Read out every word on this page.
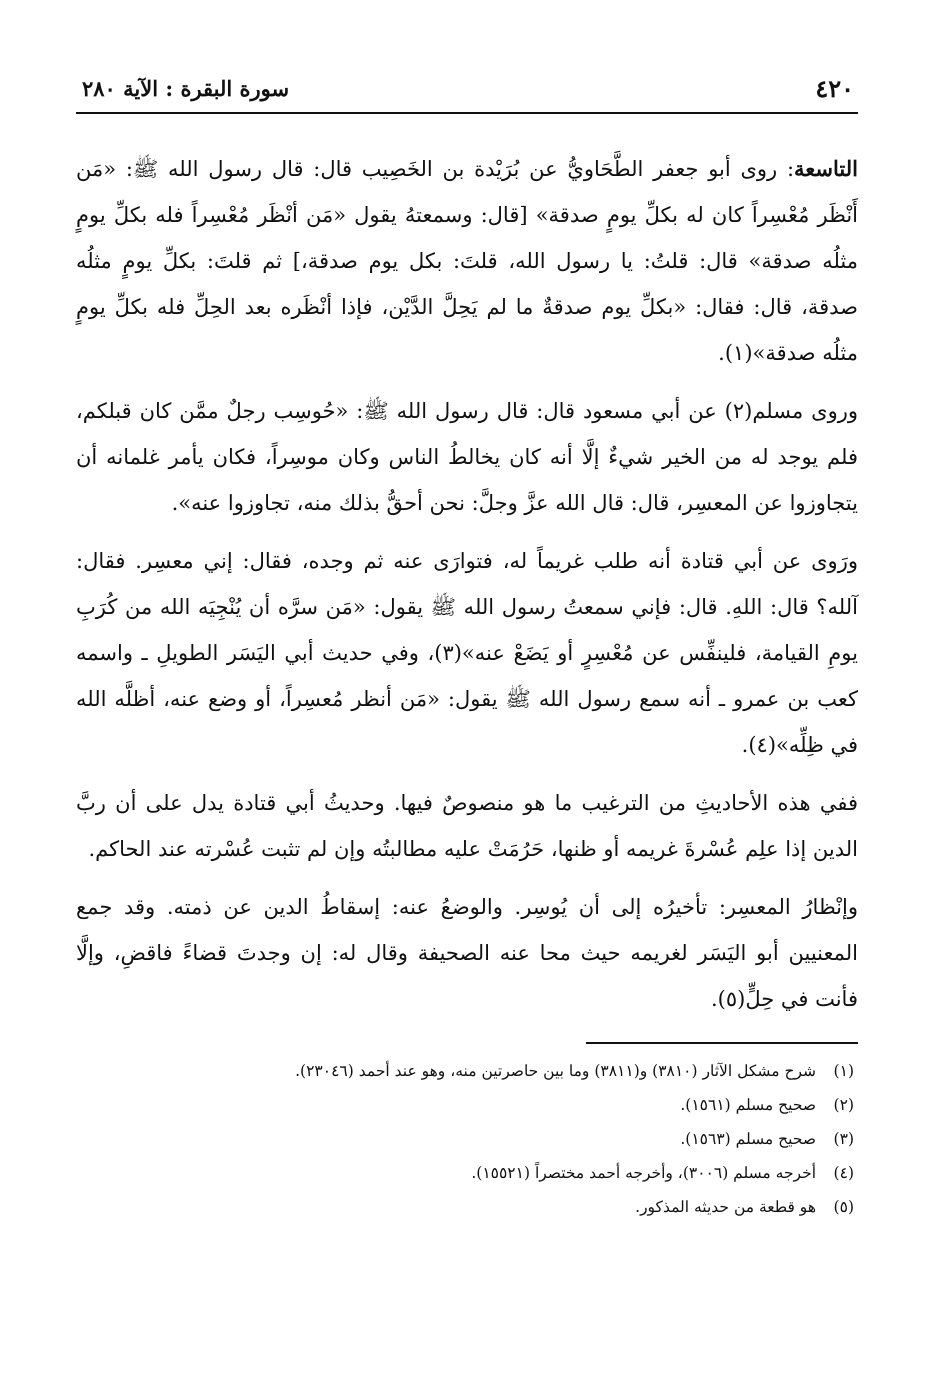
٤٢٠
سورة البقرة : الآية ٢٨٠

التاسعة: روى أبو جعفر الطَّحَاويُّ عن بُرَيْدة بن الخَصِيب قال: قال رسول الله ﷺ: «مَن أَنْظَر مُعْسِراً كان له بكلِّ يومٍ صدقة» [قال: وسمعتهُ يقول «مَن أنْظَر مُعْسِراً فله بكلِّ يومٍ مثلُه صدقة» قال: قلتُ: يا رسول الله، قلتَ: بكل يوم صدقة،] ثم قلتَ: بكلِّ يومٍ مثلُه صدقة، قال: فقال: «بكلِّ يوم صدقةٌ ما لم يَحِلَّ الدَّيْن، فإذا أنْظَره بعد الحِلِّ فله بكلِّ يومٍ مثلُه صدقة»(١).

وروى مسلم(٢) عن أبي مسعود قال: قال رسول الله ﷺ: «حُوسِب رجلٌ ممَّن كان قبلكم، فلم يوجد له من الخير شيءٌ إلَّا أنه كان يخالطُ الناس وكان موسِراً، فكان يأمر غلمانه أن يتجاوزوا عن المعسِر، قال: قال الله عزَّ وجلَّ: نحن أحقُّ بذلك منه، تجاوزوا عنه».

ورَوى عن أبي قتادة أنه طلب غريماً له، فتوارَى عنه ثم وجده، فقال: إني معسِر. فقال: آلله؟ قال: اللهِ. قال: فإني سمعتُ رسول الله ﷺ يقول: «مَن سرَّه أن يُنْجِيَه الله من كُرَبِ يومِ القيامة، فلينفِّس عن مُعْسِرٍ أو يَضَعْ عنه»(٣)، وفي حديث أبي اليَسَر الطويلِ ـ واسمه كعب بن عمرو ـ أنه سمع رسول الله ﷺ يقول: «مَن أنظر مُعسِراً، أو وضع عنه، أظلَّه الله في ظِلِّه»(٤).

ففي هذه الأحاديثِ من الترغيب ما هو منصوصٌ فيها. وحديثُ أبي قتادة يدل على أن ربَّ الدين إذا علِم عُسْرةَ غريمه أو ظنها، حَرُمَتْ عليه مطالبتُه وإن لم تثبت عُسْرته عند الحاكم.

وإنْظارُ المعسِر: تأخيرُه إلى أن يُوسِر. والوضعُ عنه: إسقاطُ الدين عن ذمته. وقد جمع المعنيين أبو اليَسَر لغريمه حيث محا عنه الصحيفة وقال له: إن وجدتَ قضاءً فاقضِ، وإلَّا فأنت في حِلٍّ(٥).

(١)شرح مشكل الآثار (٣٨١٠) و(٣٨١١) وما بين حاصرتين منه، وهو عند أحمد (٢٣٠٤٦).
(٢)صحيح مسلم (١٥٦١).
(٣)صحيح مسلم (١٥٦٣).
(٤)أخرجه مسلم (٣٠٠٦)، وأخرجه أحمد مختصراً (١٥٥٢١).
(٥)هو قطعة من حديثه المذكور.
